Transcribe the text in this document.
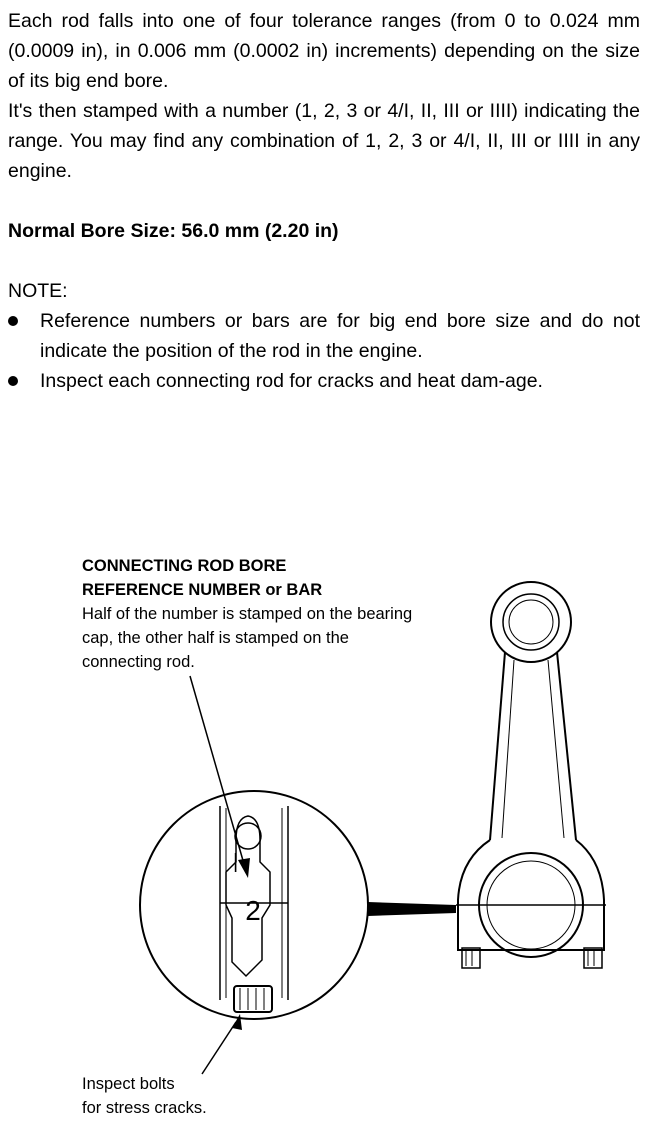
Each rod falls into one of four tolerance ranges (from 0 to 0.024 mm (0.0009 in), in 0.006 mm (0.0002 in) increments) depending on the size of its big end bore.

It's then stamped with a number (1, 2, 3 or 4/I, II, III or IIII) indicating the range. You may find any combination of 1, 2, 3 or 4/I, II, III or IIII in any engine.

Normal Bore Size: 56.0 mm (2.20 in)

NOTE:

Reference numbers or bars are for big end bore size and do not indicate the position of the rod in the engine.
Inspect each connecting rod for cracks and heat dam-age.
CONNECTING ROD BORE
REFERENCE NUMBER or BAR
Half of the number is stamped on the bearing cap, the other half is stamped on the connecting rod.
2
|
Inspect bolts
for stress cracks.
